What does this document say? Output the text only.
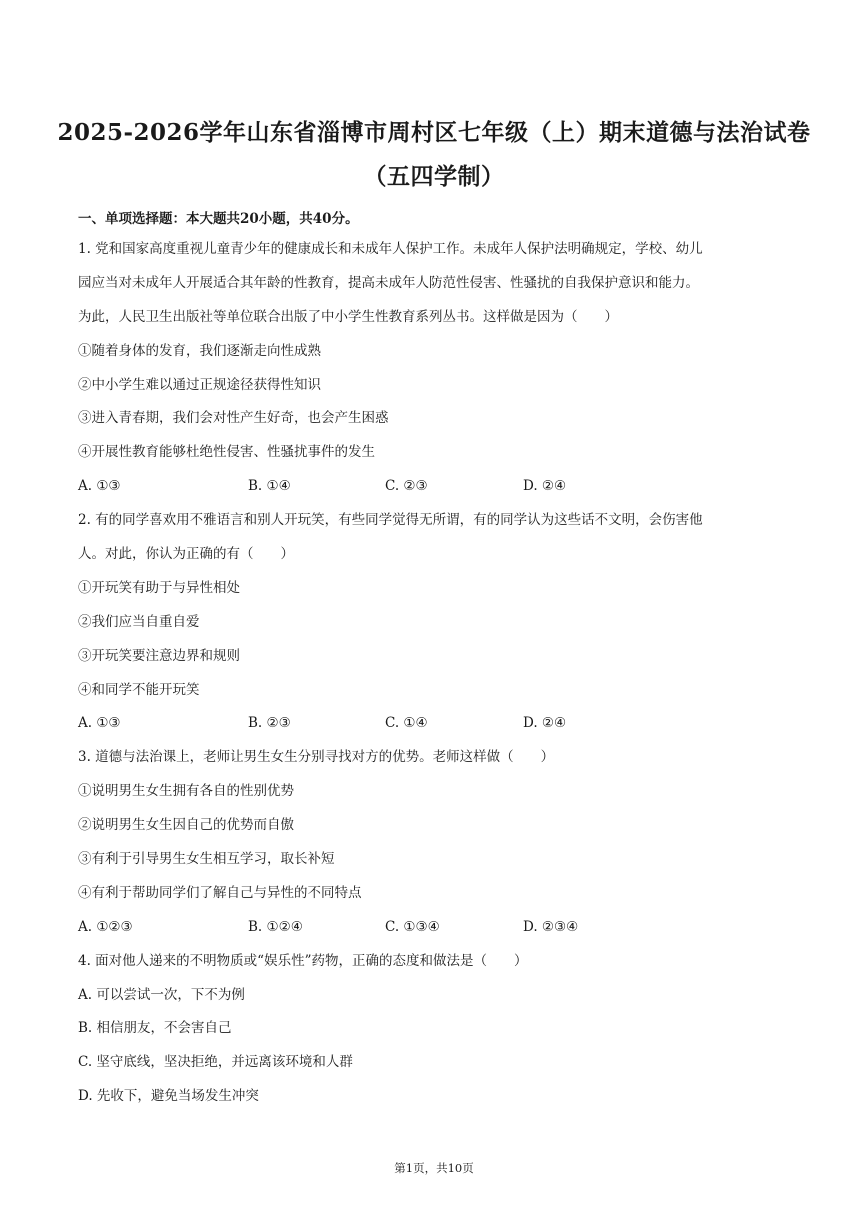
2025-2026学年山东省淄博市周村区七年级（上）期末道德与法治试卷
（五四学制）
一、单项选择题：本大题共20小题，共40分。
1. 党和国家高度重视儿童青少年的健康成长和未成年人保护工作。未成年人保护法明确规定，学校、幼儿
园应当对未成年人开展适合其年龄的性教育，提高未成年人防范性侵害、性骚扰的自我保护意识和能力。
为此，人民卫生出版社等单位联合出版了中小学生性教育系列丛书。这样做是因为（　　）
①随着身体的发育，我们逐渐走向性成熟
②中小学生难以通过正规途径获得性知识
③进入青春期，我们会对性产生好奇，也会产生困惑
④开展性教育能够杜绝性侵害、性骚扰事件的发生
A. ①③	B. ①④	C. ②③	D. ②④
2. 有的同学喜欢用不雅语言和别人开玩笑，有些同学觉得无所谓，有的同学认为这些话不文明，会伤害他
人。对此，你认为正确的有（　　）
①开玩笑有助于与异性相处
②我们应当自重自爱
③开玩笑要注意边界和规则
④和同学不能开玩笑
A. ①③	B. ②③	C. ①④	D. ②④
3. 道德与法治课上，老师让男生女生分别寻找对方的优势。老师这样做（　　）
①说明男生女生拥有各自的性别优势
②说明男生女生因自己的优势而自傲
③有利于引导男生女生相互学习，取长补短
④有利于帮助同学们了解自己与异性的不同特点
A. ①②③	B. ①②④	C. ①③④	D. ②③④
4. 面对他人递来的不明物质或“娱乐性”药物，正确的态度和做法是（　　）
A. 可以尝试一次，下不为例
B. 相信朋友，不会害自己
C. 坚守底线，坚决拒绝，并远离该环境和人群
D. 先收下，避免当场发生冲突
第1页，共10页
